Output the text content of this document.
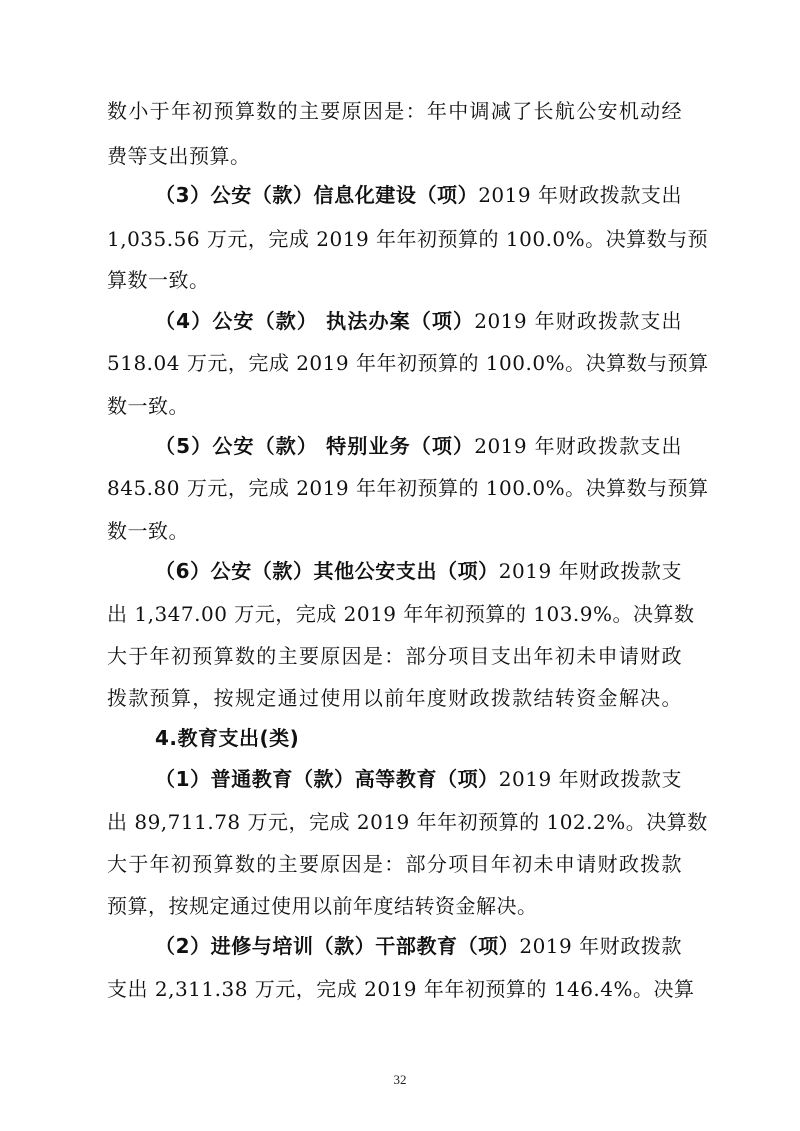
数小于年初预算数的主要原因是：年中调减了长航公安机动经
费等支出预算。
（3）公安（款）信息化建设（项）2019 年财政拨款支出
1,035.56 万元，完成 2019 年年初预算的 100.0%。决算数与预
算数一致。
（4）公安（款） 执法办案（项）2019 年财政拨款支出
518.04 万元，完成 2019 年年初预算的 100.0%。决算数与预算
数一致。
（5）公安（款） 特别业务（项）2019 年财政拨款支出
845.80 万元，完成 2019 年年初预算的 100.0%。决算数与预算
数一致。
（6）公安（款）其他公安支出（项）2019 年财政拨款支
出 1,347.00 万元，完成 2019 年年初预算的 103.9%。决算数
大于年初预算数的主要原因是：部分项目支出年初未申请财政
拨款预算，按规定通过使用以前年度财政拨款结转资金解决。
4.教育支出(类)
（1）普通教育（款）高等教育（项）2019 年财政拨款支
出 89,711.78 万元，完成 2019 年年初预算的 102.2%。决算数
大于年初预算数的主要原因是：部分项目年初未申请财政拨款
预算，按规定通过使用以前年度结转资金解决。
（2）进修与培训（款）干部教育（项）2019 年财政拨款
支出 2,311.38 万元，完成 2019 年年初预算的 146.4%。决算
32
